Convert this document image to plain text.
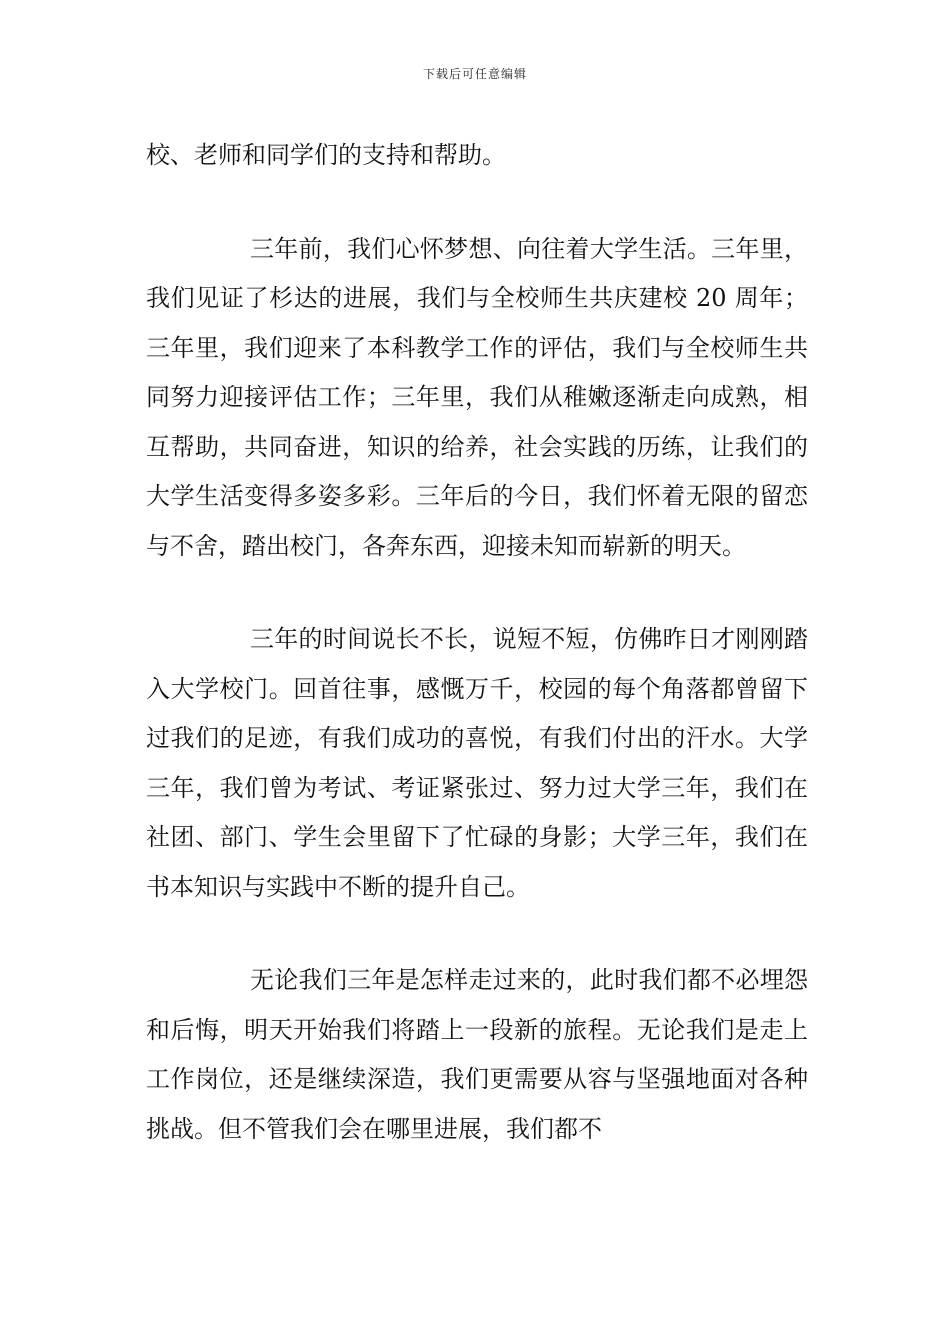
下载后可任意编辑

校、老师和同学们的支持和帮助。

三年前，我们心怀梦想、向往着大学生活。三年里，我们见证了杉达的进展，我们与全校师生共庆建校 20 周年；三年里，我们迎来了本科教学工作的评估，我们与全校师生共同努力迎接评估工作；三年里，我们从稚嫩逐渐走向成熟，相互帮助，共同奋进，知识的给养，社会实践的历练，让我们的大学生活变得多姿多彩。三年后的今日，我们怀着无限的留恋与不舍，踏出校门，各奔东西，迎接未知而崭新的明天。

三年的时间说长不长，说短不短，仿佛昨日才刚刚踏入大学校门。回首往事，感慨万千，校园的每个角落都曾留下过我们的足迹，有我们成功的喜悦，有我们付出的汗水。大学三年，我们曾为考试、考证紧张过、努力过大学三年，我们在社团、部门、学生会里留下了忙碌的身影；大学三年，我们在书本知识与实践中不断的提升自己。

无论我们三年是怎样走过来的，此时我们都不必埋怨和后悔，明天开始我们将踏上一段新的旅程。无论我们是走上工作岗位，还是继续深造，我们更需要从容与坚强地面对各种挑战。但不管我们会在哪里进展，我们都不
